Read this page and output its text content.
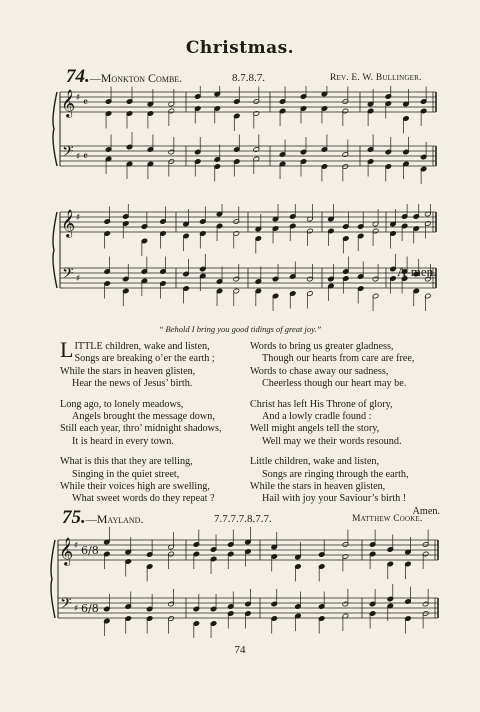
Christmas.
74.—Monkton Combe.	8.7.8.7.	Rev. E. W. Bullinger.
𝄞
𝄢
♯
♯
𝄴
𝄴
𝄞
𝄢
♯
♯	A-men.
“ Behold I bring you good tidings of great joy.”

LITTLE children, wake and listen,

Songs are breaking o’er the earth ;

While the stars in heaven glisten,

Hear the news of Jesus’ birth.

Long ago, to lonely meadows,

Angels brought the message down,

Still each year, thro’ midnight shadows,

It is heard in every town.

What is this that they are telling,

Singing in the quiet street,

While their voices high are swelling,

What sweet words do they repeat ?

Words to bring us greater gladness,

Though our hearts from care are free,

Words to chase away our sadness,

Cheerless though our heart may be.

Christ has left His Throne of glory,

And a lowly cradle found :

Well might angels tell the story,

Well may we their words resound.

Little children, wake and listen,

Songs are ringing through the earth,

While the stars in heaven glisten,

Hail with joy your Saviour’s birth !

Amen.

75.—Mayland.	7.7.7.7.8.7.7.	Matthew Cooke.
𝄞
𝄢
♯
♯
6/8
6/8
74
